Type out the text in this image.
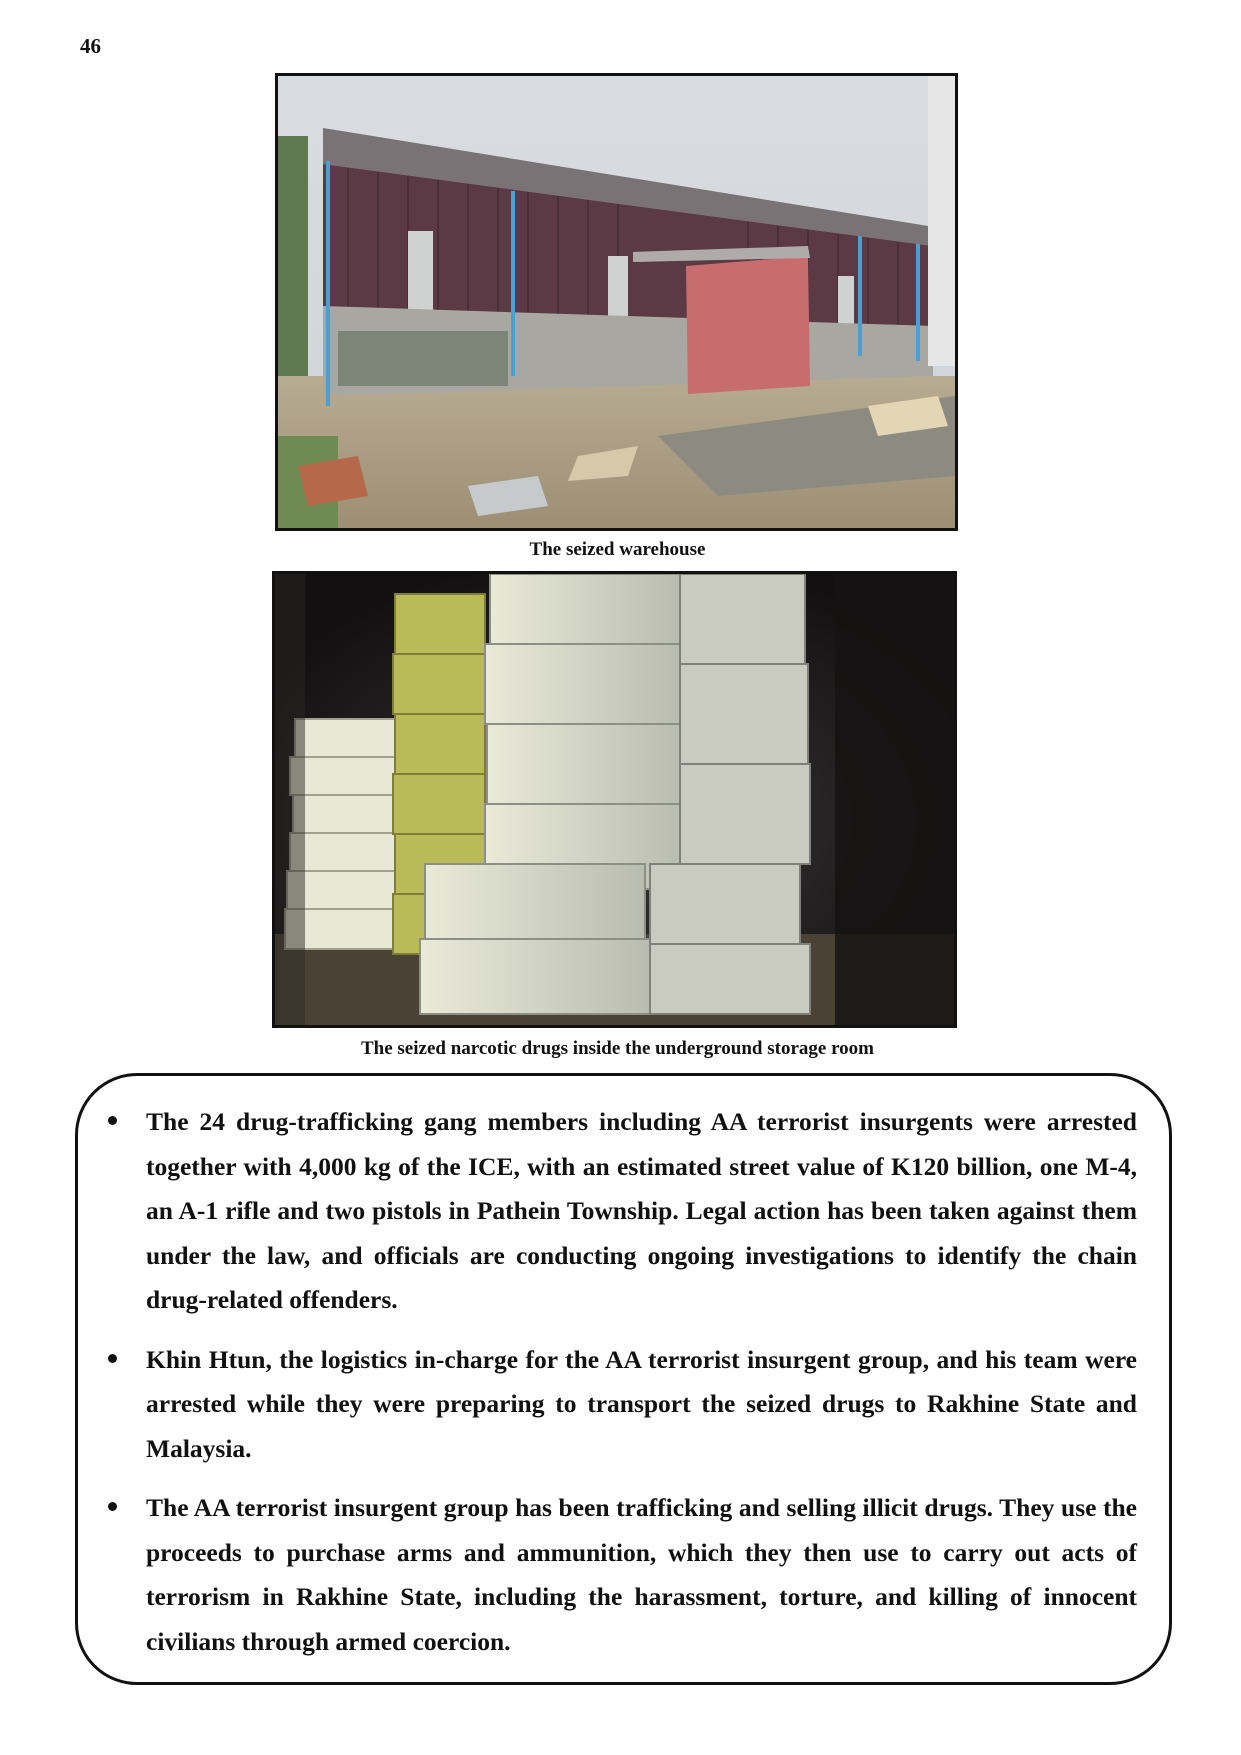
46
The seized warehouse
The seized narcotic drugs inside the underground storage room
The 24 drug-trafficking gang members including AA terrorist insurgents were arrested together with 4,000 kg of the ICE, with an estimated street value of K120 billion, one M-4, an A-1 rifle and two pistols in Pathein Township. Legal action has been taken against them under the law, and officials are conducting ongoing investigations to identify the chain drug-related offenders.
Khin Htun, the logistics in-charge for the AA terrorist insurgent group, and his team were arrested while they were preparing to transport the seized drugs to Rakhine State and Malaysia.
The AA terrorist insurgent group has been trafficking and selling illicit drugs. They use the proceeds to purchase arms and ammunition, which they then use to carry out acts of terrorism in Rakhine State, including the harassment, torture, and killing of innocent civilians through armed coercion.
